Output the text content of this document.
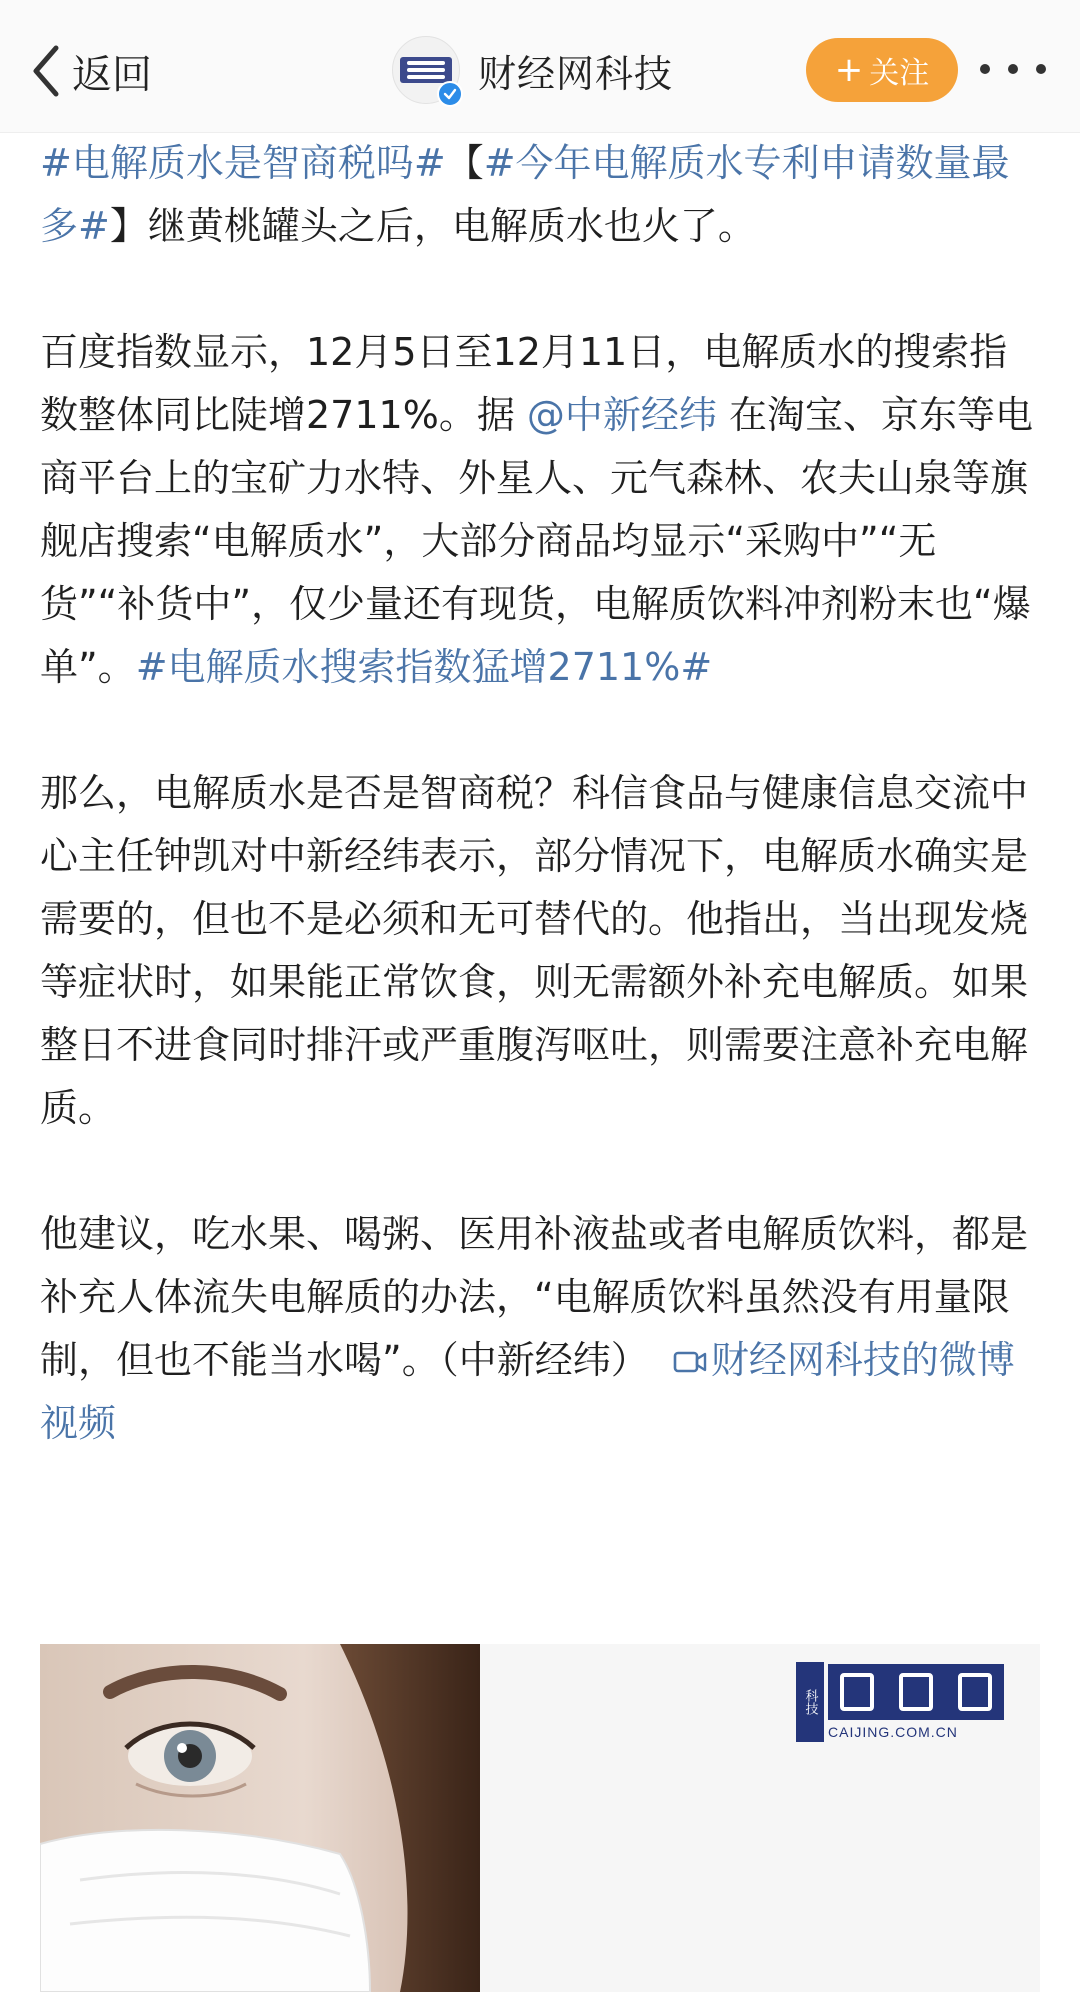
返回	财经网科技	+ 关注

#电解质水是智商税吗#【#今年电解质水专利申请数量最多#】继黄桃罐头之后，电解质水也火了。

百度指数显示，12月5日至12月11日，电解质水的搜索指数整体同比陡增2711%。据 @中新经纬 在淘宝、京东等电商平台上的宝矿力水特、外星人、元气森林、农夫山泉等旗舰店搜索“电解质水”，大部分商品均显示“采购中”“无货”“补货中”，仅少量还有现货，电解质饮料冲剂粉末也“爆单”。#电解质水搜索指数猛增2711%#

那么，电解质水是否是智商税？科信食品与健康信息交流中心主任钟凯对中新经纬表示，部分情况下，电解质水确实是需要的，但也不是必须和无可替代的。他指出，当出现发烧等症状时，如果能正常饮食，则无需额外补充电解质。如果整日不进食同时排汗或严重腹泻呕吐，则需要注意补充电解质。

他建议，吃水果、喝粥、医用补液盐或者电解质饮料，都是补充人体流失电解质的办法，“电解质饮料虽然没有用量限制，但也不能当水喝”。（中新经纬） 财经网科技的微博视频

科技
CAIJING.COM.CN
